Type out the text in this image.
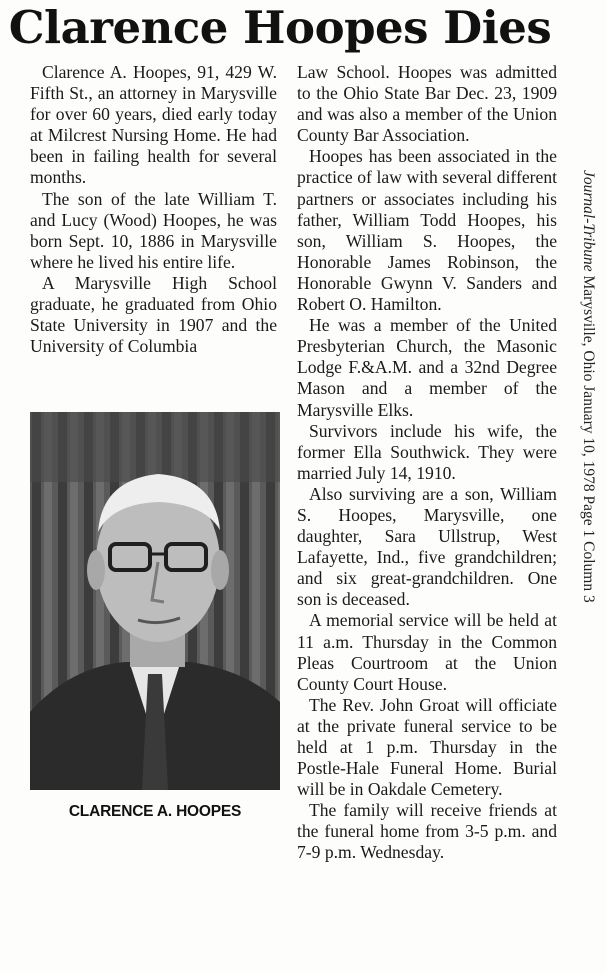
Clarence Hoopes Dies

Clarence A. Hoopes, 91, 429 W. Fifth St., an attorney in Marysville for over 60 years, died early today at Milcrest Nursing Home. He had been in failing health for several months.

The son of the late William T. and Lucy (Wood) Hoopes, he was born Sept. 10, 1886 in Marysville where he lived his entire life.

A Marysville High School graduate, he graduated from Ohio State University in 1907 and the University of Columbia

Law School. Hoopes was admitted to the Ohio State Bar Dec. 23, 1909 and was also a member of the Union County Bar Association.

Hoopes has been associated in the practice of law with several different partners or associates including his father, William Todd Hoopes, his son, William S. Hoopes, the Honorable James Robinson, the Honorable Gwynn V. Sanders and Robert O. Hamilton.

He was a member of the United Presbyterian Church, the Masonic Lodge F.&A.M. and a 32nd Degree Mason and a member of the Marysville Elks.

Survivors include his wife, the former Ella Southwick. They were married July 14, 1910.

Also surviving are a son, William S. Hoopes, Marysville, one daughter, Sara Ullstrup, West Lafayette, Ind., five grandchildren; and six great-grandchildren. One son is deceased.

A memorial service will be held at 11 a.m. Thursday in the Common Pleas Courtroom at the Union County Court House.

The Rev. John Groat will officiate at the private funeral service to be held at 1 p.m. Thursday in the Postle-Hale Funeral Home. Burial will be in Oakdale Cemetery.

The family will receive friends at the funeral home from 3-5 p.m. and 7-9 p.m. Wednesday.

CLARENCE A. HOOPES
Journal-Tribune Marysville, Ohio January 10, 1978 Page 1 Column 3
